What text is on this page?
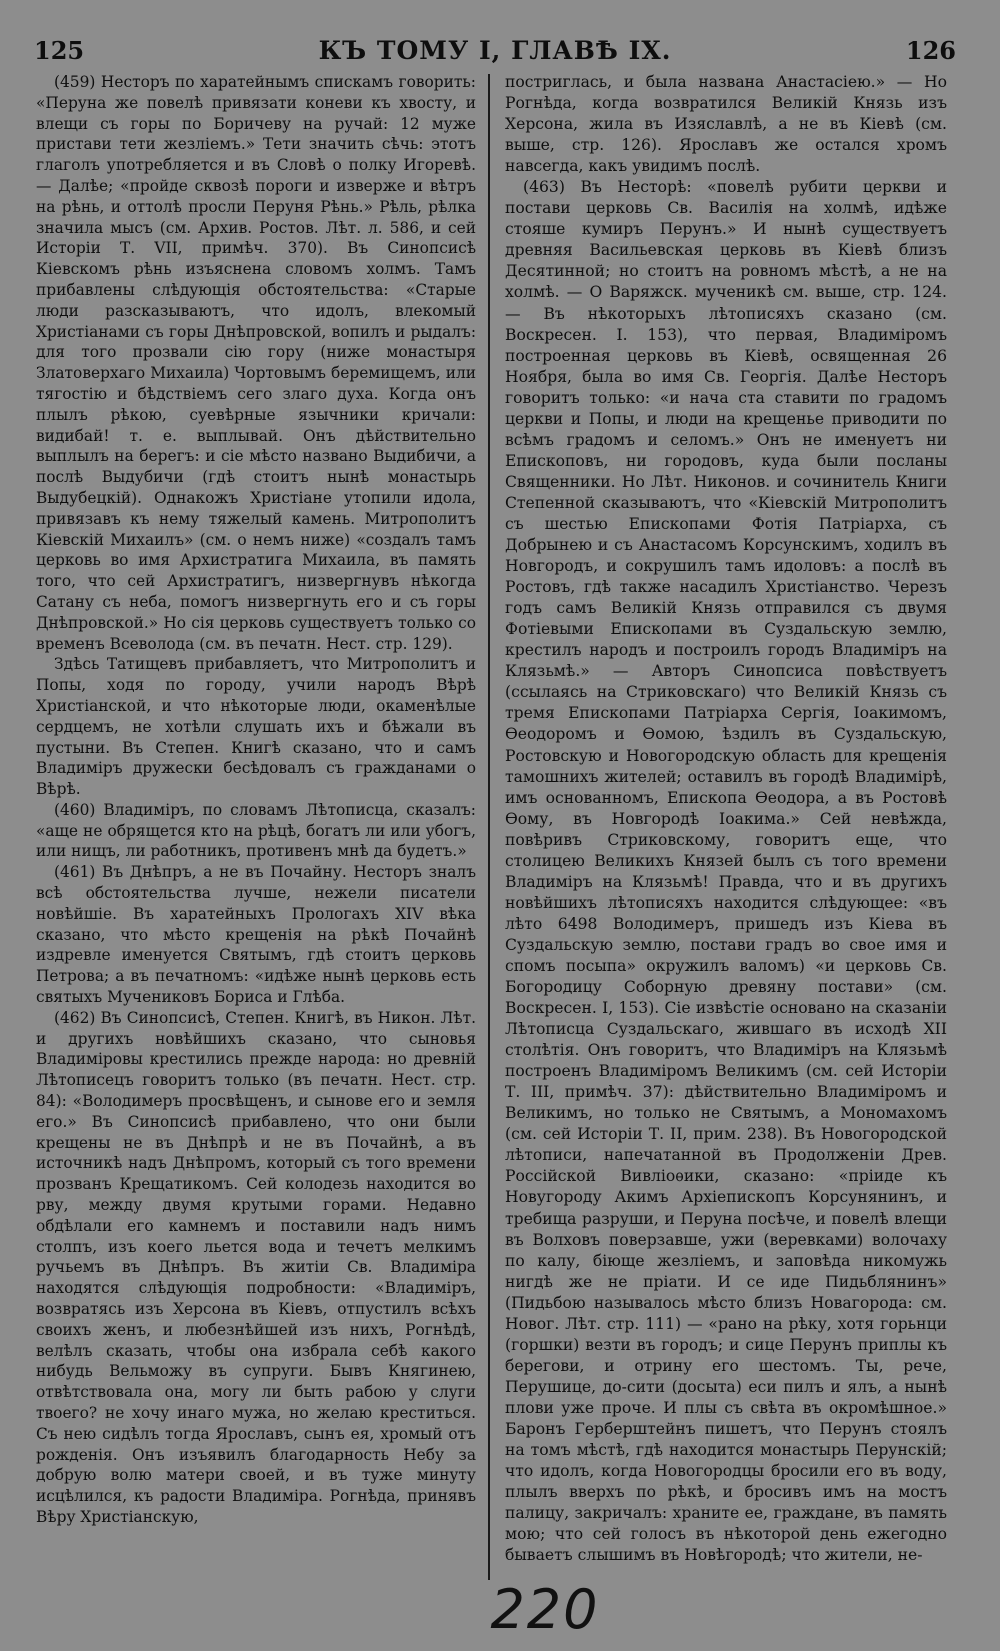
125	КЪ ТОМУ I, ГЛАВѢ IX.	126

(459) Несторъ по харатейнымъ спискамъ говорить: «Перуна же повелѣ привязати коневи къ хвосту, и влещи съ горы по Боричеву на ручай: 12 муже пристави тети жезліемъ.» Тети значить сѣчь: этотъ глаголъ употребляется и въ Словѣ о полку Игоревѣ. — Далѣе; «пройде сквозѣ пороги и изверже и вѣтръ на рѣнь, и оттолѣ просли Перуня Рѣнь.» Рѣль, рѣлка значила мысъ (см. Архив. Ростов. Лѣт. л. 586, и сей Исторіи Т. VII, примѣч. 370). Въ Синопсисѣ Кіевскомъ рѣнь изъяснена словомъ холмъ. Тамъ прибавлены слѣдующія обстоятельства: «Старые люди разсказываютъ, что идолъ, влекомый Христіанами съ горы Днѣпровской, вопилъ и рыдалъ: для того прозвали сію гору (ниже монастыря Златоверхаго Михаила) Чортовымъ беремищемъ, или тягостію и бѣдствіемъ сего злаго духа. Когда онъ плылъ рѣкою, суевѣрные язычники кричали: видибай! т. е. выплывай. Онъ дѣйствительно выплылъ на берегъ: и сіе мѣсто названо Выдибичи, а послѣ Выдубичи (гдѣ стоитъ нынѣ монастырь Выдубецкій). Однакожъ Христіане утопили идола, привязавъ къ нему тяжелый камень. Митрополитъ Кіевскій Михаилъ» (см. о немъ ниже) «создалъ тамъ церковь во имя Архистратига Михаила, въ память того, что сей Архистратигъ, низвергнувъ нѣкогда Сатану съ неба, помогъ низвергнуть его и съ горы Днѣпровской.» Но сія церковь существуетъ только со временъ Всеволода (см. въ печатн. Нест. стр. 129).

Здѣсь Татищевъ прибавляетъ, что Митрополитъ и Попы, ходя по городу, учили народъ Вѣрѣ Христіанской, и что нѣкоторые люди, окаменѣлые сердцемъ, не хотѣли слушать ихъ и бѣжали въ пустыни. Въ Степен. Книгѣ сказано, что и самъ Владиміръ дружески бесѣдовалъ съ гражданами о Вѣрѣ.

(460) Владиміръ, по словамъ Лѣтописца, сказалъ: «аще не обрящется кто на рѣцѣ, богатъ ли или убогъ, или нищъ, ли работникъ, противенъ мнѣ да будетъ.»

(461) Въ Днѣпръ, а не въ Почайну. Несторъ зналъ всѣ обстоятельства лучше, нежели писатели новѣйшіе. Въ харатейныхъ Прологахъ XIV вѣка сказано, что мѣсто крещенія на рѣкѣ Почайнѣ издревле именуется Святымъ, гдѣ стоитъ церковь Петрова; а въ печатномъ: «идѣже нынѣ церковь есть святыхъ Мучениковъ Бориса и Глѣба.

(462) Въ Синопсисѣ, Степен. Книгѣ, въ Никон. Лѣт. и другихъ новѣйшихъ сказано, что сыновья Владиміровы крестились прежде народа: но древній Лѣтописецъ говоритъ только (въ печатн. Нест. стр. 84): «Володимеръ просвѣщенъ, и сынове его и земля его.» Въ Синопсисѣ прибавлено, что они были крещены не въ Днѣпрѣ и не въ Почайнѣ, а въ источникѣ надъ Днѣпромъ, который съ того времени прозванъ Крещатикомъ. Сей колодезь находится во рву, между двумя крутыми горами. Недавно обдѣлали его камнемъ и поставили надъ нимъ столпъ, изъ коего льется вода и течетъ мелкимъ ручьемъ въ Днѣпръ. Въ житіи Св. Владиміра находятся слѣдующія подробности: «Владиміръ, возвратясь изъ Херсона въ Кіевъ, отпустилъ всѣхъ своихъ женъ, и любезнѣйшей изъ нихъ, Рогнѣдѣ, велѣлъ сказать, чтобы она избрала себѣ какого нибудь Вельможу въ супруги. Бывъ Княгинею, отвѣтствовала она, могу ли быть рабою у слуги твоего? не хочу инаго мужа, но желаю креститься. Съ нею сидѣлъ тогда Ярославъ, сынъ ея, хромый отъ рожденія. Онъ изъявилъ благодарность Небу за добрую волю матери своей, и въ туже минуту исцѣлился, къ радости Владиміра. Рогнѣда, принявъ Вѣру Христіанскую,

постриглась, и была названа Анастасіею.» — Но Рогнѣда, когда возвратился Великій Князь изъ Херсона, жила въ Изяславлѣ, а не въ Кіевѣ (см. выше, стр. 126). Ярославъ же остался хромъ навсегда, какъ увидимъ послѣ.

(463) Въ Несторѣ: «повелѣ рубити церкви и постави церковь Св. Василія на холмѣ, идѣже стояше кумиръ Перунъ.» И нынѣ существуетъ древняя Васильевская церковь въ Кіевѣ близъ Десятинной; но стоитъ на ровномъ мѣстѣ, а не на холмѣ. — О Варяжск. мученикѣ см. выше, стр. 124. — Въ нѣкоторыхъ лѣтописяхъ сказано (см. Воскресен. I. 153), что первая, Владиміромъ построенная церковь въ Кіевѣ, освященная 26 Ноября, была во имя Св. Георгія. Далѣе Несторъ говоритъ только: «и нача ста ставити по градомъ церкви и Попы, и люди на крещенье приводити по всѣмъ градомъ и селомъ.» Онъ не именуетъ ни Епископовъ, ни городовъ, куда были посланы Священники. Но Лѣт. Никонов. и сочинитель Книги Степенной сказываютъ, что «Кіевскій Митрополитъ съ шестью Епископами Фотія Патріарха, съ Добрынею и съ Анастасомъ Корсунскимъ, ходилъ въ Новгородъ, и сокрушилъ тамъ идоловъ: а послѣ въ Ростовъ, гдѣ также насадилъ Христіанство. Черезъ годъ самъ Великій Князь отправился съ двумя Фотіевыми Епископами въ Суздальскую землю, крестилъ народъ и построилъ городъ Владиміръ на Клязьмѣ.» — Авторъ Синопсиса повѣствуетъ (ссылаясь на Стриковскаго) что Великій Князь съ тремя Епископами Патріарха Сергія, Іоакимомъ, Ѳеодоромъ и Ѳомою, ѣздилъ въ Суздальскую, Ростовскую и Новогородскую область для крещенія тамошнихъ жителей; оставилъ въ городѣ Владимірѣ, имъ основанномъ, Епископа Ѳеодора, а въ Ростовѣ Ѳому, въ Новгородѣ Іоакима.» Сей невѣжда, повѣривъ Стриковскому, говоритъ еще, что столицею Великихъ Князей былъ съ того времени Владиміръ на Клязьмѣ! Правда, что и въ другихъ новѣйшихъ лѣтописяхъ находится слѣдующее: «въ лѣто 6498 Володимеръ, пришедъ изъ Кіева въ Суздальскую землю, постави градъ во свое имя и спомъ посыпа» окружилъ валомъ) «и церковь Св. Богородицу Соборную древяну постави» (см. Воскресен. I, 153). Сіе извѣстіе основано на сказаніи Лѣтописца Суздальскаго, жившаго въ исходѣ XII столѣтія. Онъ говоритъ, что Владиміръ на Клязьмѣ построенъ Владиміромъ Великимъ (см. сей Исторіи Т. III, примѣч. 37): дѣйствительно Владиміромъ и Великимъ, но только не Святымъ, а Мономахомъ (см. сей Исторіи Т. II, прим. 238). Въ Новогородской лѣтописи, напечатанной въ Продолженіи Древ. Россійской Вивліоѳики, сказано: «пріиде къ Новугороду Акимъ Архіепископъ Корсунянинъ, и требища разруши, и Перуна посѣче, и повелѣ влещи въ Волховъ поверзавше, ужи (веревками) волочаху по калу, біюще жезліемъ, и заповѣда никомужь нигдѣ же не пріати. И се иде Пидьблянинъ» (Пидьбою называлось мѣсто близъ Новагорода: см. Новог. Лѣт. стр. 111) — «рано на рѣку, хотя горьнци (горшки) везти въ городъ; и сице Перунъ приплы къ берегови, и отрину его шестомъ. Ты, рече, Перушице, до-сити (досыта) еси пилъ и ялъ, а нынѣ плови уже проче. И плы съ свѣта въ окромѣшное.» Баронъ Герберштейнъ пишетъ, что Перунъ стоялъ на томъ мѣстѣ, гдѣ находится монастырь Перунскій; что идолъ, когда Новогородцы бросили его въ воду, плылъ вверхъ по рѣкѣ, и бросивъ имъ на мостъ палицу, закричалъ: храните ее, граждане, въ память мою; что сей голосъ въ нѣкоторой день ежегодно бываетъ слышимъ въ Новѣгородѣ; что жители, не-

220
